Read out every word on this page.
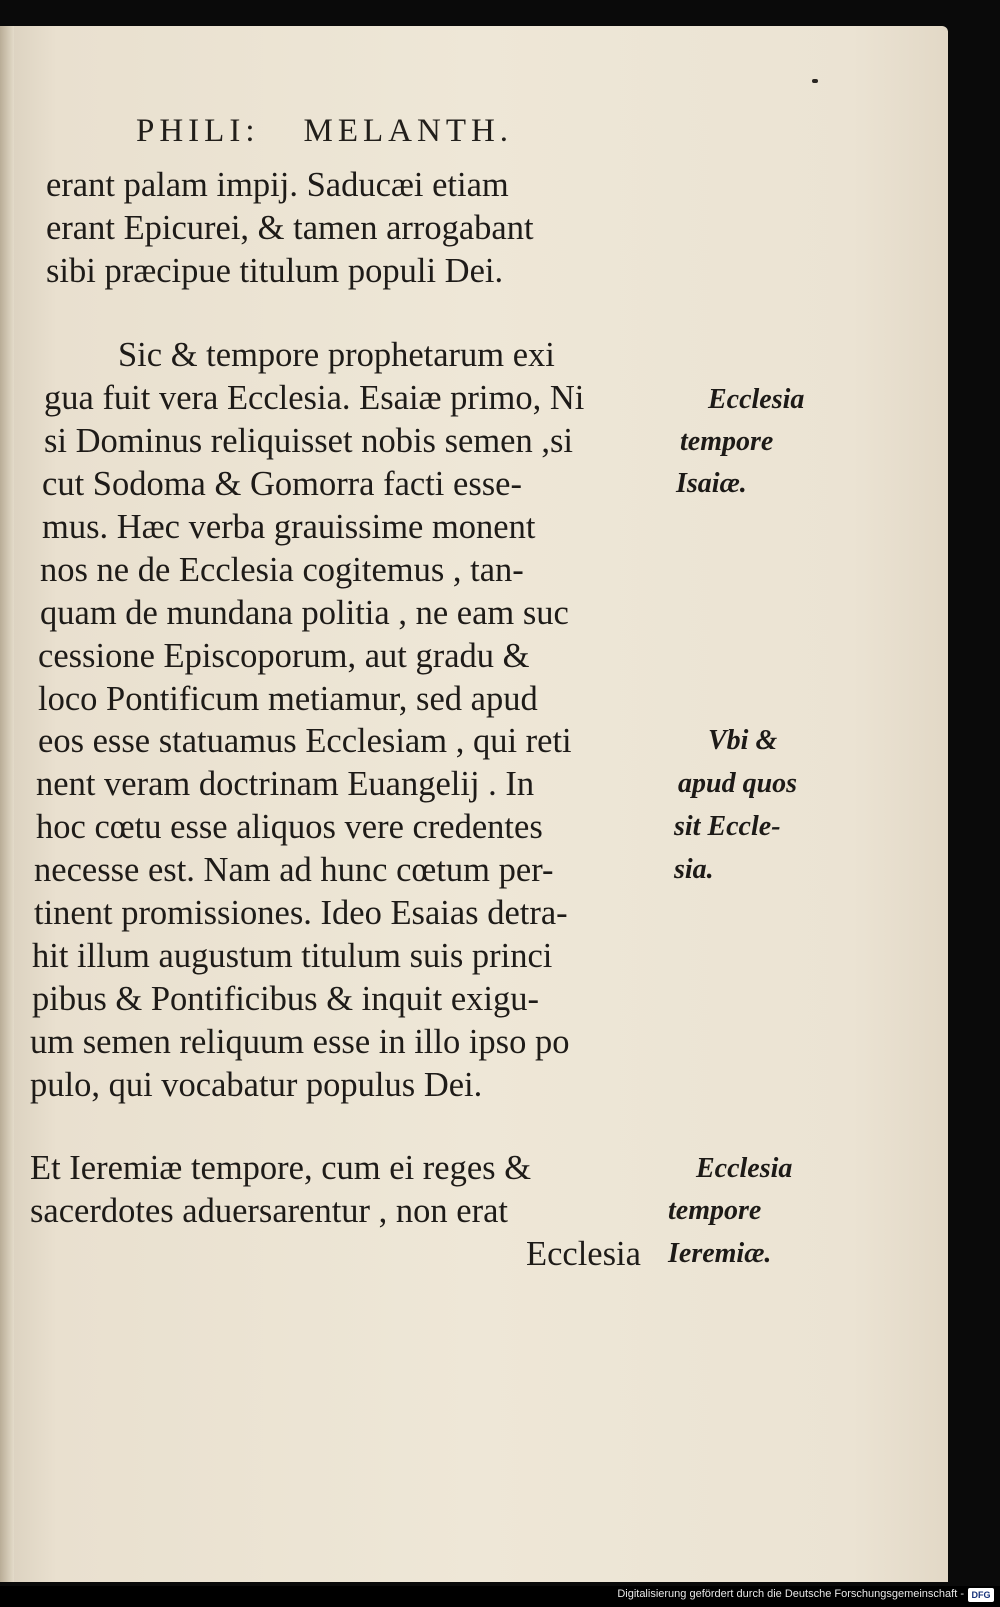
PHILI: MELANTH.
erant palam impij. Saducæi etiam
erant Epicurei, & tamen arrogabant
sibi præcipue titulum populi Dei.
Sic & tempore prophetarum exi
gua fuit vera Ecclesia. Esaiæ primo, Ni
si Dominus reliquisset nobis semen ,si
cut Sodoma & Gomorra facti esse-
mus. Hæc verba grauissime monent
nos ne de Ecclesia cogitemus , tan-
quam de mundana politia , ne eam suc
cessione Episcoporum, aut gradu &
loco Pontificum metiamur, sed apud
eos esse statuamus Ecclesiam , qui reti
nent veram doctrinam Euangelij . In
hoc cœtu esse aliquos vere credentes
necesse est. Nam ad hunc cœtum per-
tinent promissiones. Ideo Esaias detra-
hit illum augustum titulum suis princi
pibus & Pontificibus & inquit exigu-
um semen reliquum esse in illo ipso po
pulo, qui vocabatur populus Dei.
Et Ieremiæ tempore, cum ei reges &
sacerdotes aduersarentur , non erat
Ecclesia
Ecclesia
tempore
Isaiæ.
Vbi &
apud quos
sit Eccle-
sia.
Ecclesia
tempore
Ieremiæ.
Digitalisierung gefördert durch die Deutsche Forschungsgemeinschaft - DFG
